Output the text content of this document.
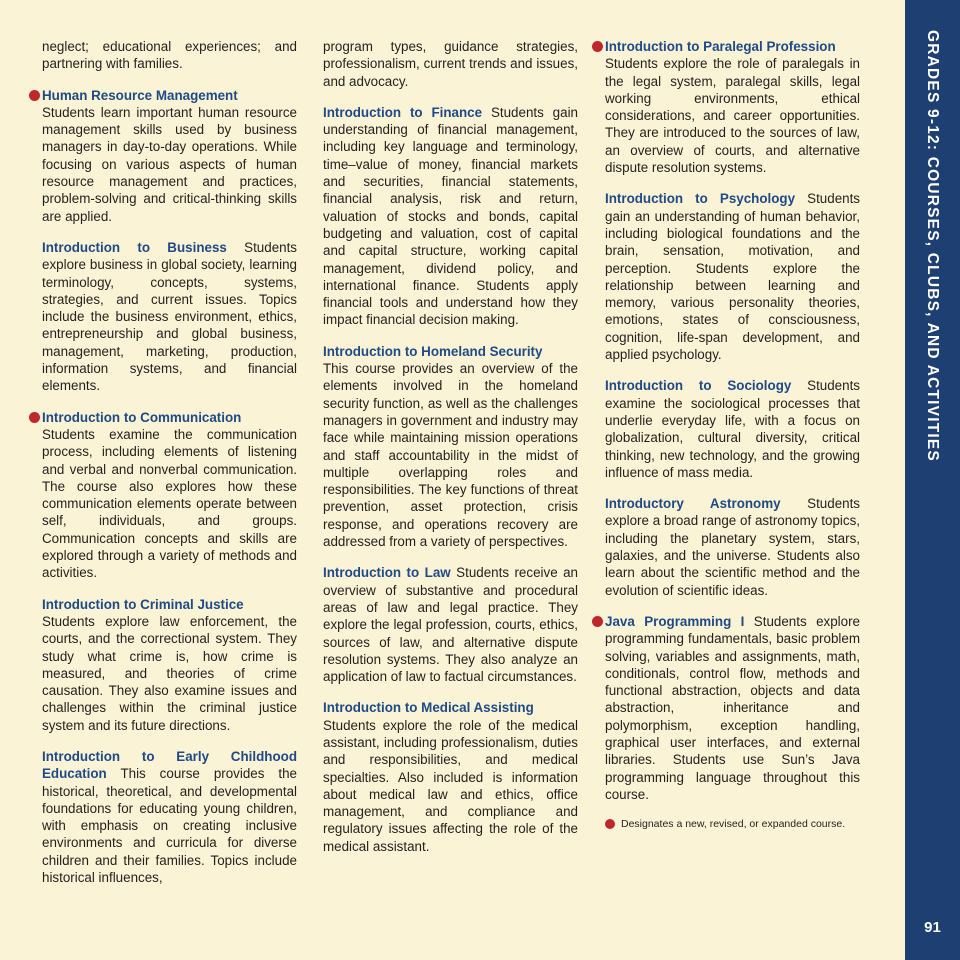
neglect; educational experiences; and partnering with families.

Human Resource Management
Students learn important human resource management skills used by business managers in day-to-day operations. While focusing on various aspects of human resource management and practices, problem-solving and critical-thinking skills are applied.

Introduction to Business Students explore business in global society, learning terminology, concepts, systems, strategies, and current issues. Topics include the business environment, ethics, entrepreneurship and global business, management, marketing, production, information systems, and financial elements.

Introduction to Communication
Students examine the communication process, including elements of listening and verbal and nonverbal communication. The course also explores how these communication elements operate between self, individuals, and groups. Communication concepts and skills are explored through a variety of methods and activities.

Introduction to Criminal Justice
Students explore law enforcement, the courts, and the correctional system. They study what crime is, how crime is measured, and theories of crime causation. They also examine issues and challenges within the criminal justice system and its future directions.

Introduction to Early Childhood Education This course provides the historical, theoretical, and developmental foundations for educating young children, with emphasis on creating inclusive environments and curricula for diverse children and their families. Topics include historical influences,

program types, guidance strategies, professionalism, current trends and issues, and advocacy.

Introduction to Finance Students gain understanding of financial management, including key language and terminology, time–value of money, financial markets and securities, financial statements, financial analysis, risk and return, valuation of stocks and bonds, capital budgeting and valuation, cost of capital and capital structure, working capital management, dividend policy, and international finance. Students apply financial tools and understand how they impact financial decision making.

Introduction to Homeland Security
This course provides an overview of the elements involved in the homeland security function, as well as the challenges managers in government and industry may face while maintaining mission operations and staff accountability in the midst of multiple overlapping roles and responsibilities. The key functions of threat prevention, asset protection, crisis response, and operations recovery are addressed from a variety of perspectives.

Introduction to Law Students receive an overview of substantive and procedural areas of law and legal practice. They explore the legal profession, courts, ethics, sources of law, and alternative dispute resolution systems. They also analyze an application of law to factual circumstances.

Introduction to Medical Assisting
Students explore the role of the medical assistant, including professionalism, duties and responsibilities, and medical specialties. Also included is information about medical law and ethics, office management, and compliance and regulatory issues affecting the role of the medical assistant.

Introduction to Paralegal Profession
Students explore the role of paralegals in the legal system, paralegal skills, legal working environments, ethical considerations, and career opportunities. They are introduced to the sources of law, an overview of courts, and alternative dispute resolution systems.

Introduction to Psychology Students gain an understanding of human behavior, including biological foundations and the brain, sensation, motivation, and perception. Students explore the relationship between learning and memory, various personality theories, emotions, states of consciousness, cognition, life-span development, and applied psychology.

Introduction to Sociology Students examine the sociological processes that underlie everyday life, with a focus on globalization, cultural diversity, critical thinking, new technology, and the growing influence of mass media.

Introductory Astronomy Students explore a broad range of astronomy topics, including the planetary system, stars, galaxies, and the universe. Students also learn about the scientific method and the evolution of scientific ideas.

Java Programming I Students explore programming fundamentals, basic problem solving, variables and assignments, math, conditionals, control flow, methods and functional abstraction, objects and data abstraction, inheritance and polymorphism, exception handling, graphical user interfaces, and external libraries. Students use Sun’s Java programming language throughout this course.

Designates a new, revised, or expanded course.
GRADES 9-12: COURSES, CLUBS, AND ACTIVITIES
91
